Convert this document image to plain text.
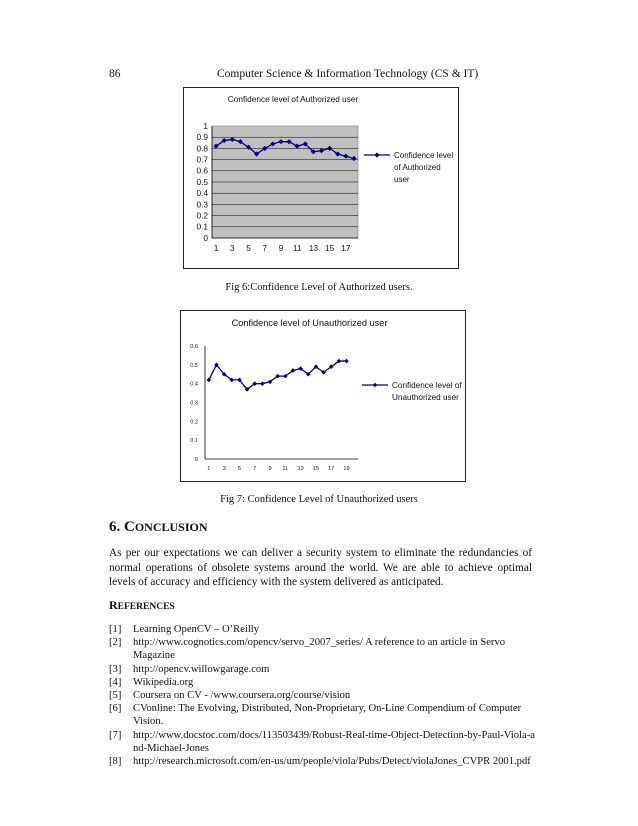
86	Computer Science & Information Technology (CS & IT)
Confidence level of Authorized user
0
0.1
0.2
0.3
0.4
0.5
0.6
0.7
0.8
0.9
1
1 3 5 7 9 11 13 15 17
Confidence level
of Authorized
user
Fig 6:Confidence Level of Authorized users.
Confidence level of Unauthorized user
0
0.1
0.2
0.3
0.4
0.5
0.6
1 3 5 7 9 11 13 15 17 19
Confidence level of
Unauthorized user
Fig 7: Confidence Level of Unauthorized users
6. CONCLUSION
As per our expectations we can deliver a security system to eliminate the redundancies of normal operations of obsolete systems around the world. We are able to achieve optimal levels of accuracy and efficiency with the system delivered as anticipated.
REFERENCES
[1]	Learning OpenCV – O’Reilly
[2]	http://www.cognotics.com/opencv/servo_2007_series/ A reference to an article in Servo Magazine
[3]	http://opencv.willowgarage.com
[4]	Wikipedia.org
[5]	Coursera on CV - /www.coursera.org/course/vision
[6]	CVonline: The Evolving, Distributed, Non-Proprietary, On-Line Compendium of Computer Vision.
[7]	http://www.docstoc.com/docs/113503439/Robust-Real-time-Object-Detection-by-Paul-Viola-and-Michael-Jones
[8]	http://research.microsoft.com/en-us/um/people/viola/Pubs/Detect/violaJones_CVPR 2001.pdf
